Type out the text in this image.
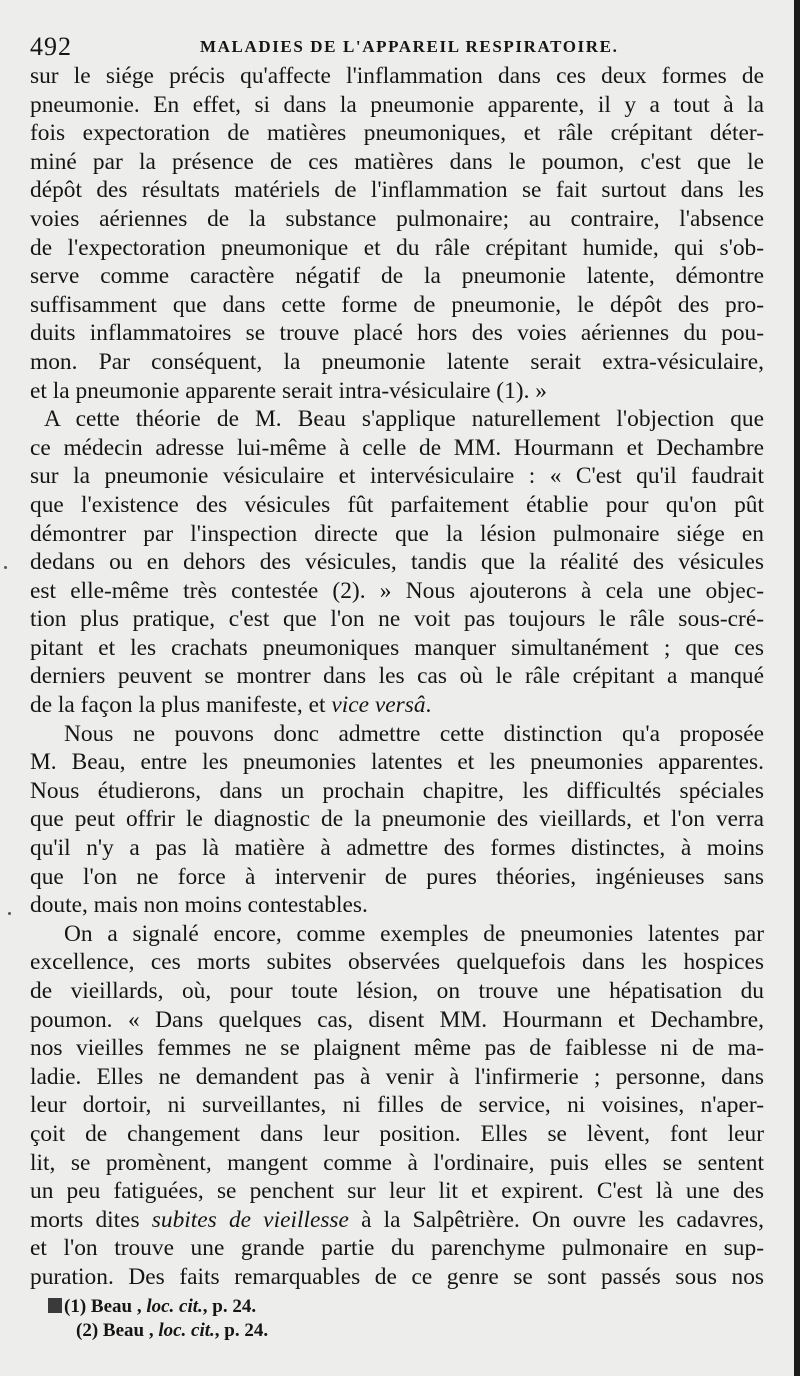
492	MALADIES DE L'APPAREIL RESPIRATOIRE.
sur le siége précis qu'affecte l'inflammation dans ces deux formes de
pneumonie. En effet, si dans la pneumonie apparente, il y a tout à la
fois expectoration de matières pneumoniques, et râle crépitant déter-
miné par la présence de ces matières dans le poumon, c'est que le
dépôt des résultats matériels de l'inflammation se fait surtout dans les
voies aériennes de la substance pulmonaire; au contraire, l'absence
de l'expectoration pneumonique et du râle crépitant humide, qui s'ob-
serve comme caractère négatif de la pneumonie latente, démontre
suffisamment que dans cette forme de pneumonie, le dépôt des pro-
duits inflammatoires se trouve placé hors des voies aériennes du pou-
mon. Par conséquent, la pneumonie latente serait extra-vésiculaire,
et la pneumonie apparente serait intra-vésiculaire (1). »
A cette théorie de M. Beau s'applique naturellement l'objection que
ce médecin adresse lui-même à celle de MM. Hourmann et Dechambre
sur la pneumonie vésiculaire et intervésiculaire : « C'est qu'il faudrait
que l'existence des vésicules fût parfaitement établie pour qu'on pût
démontrer par l'inspection directe que la lésion pulmonaire siége en
dedans ou en dehors des vésicules, tandis que la réalité des vésicules
est elle-même très contestée (2). » Nous ajouterons à cela une objec-
tion plus pratique, c'est que l'on ne voit pas toujours le râle sous-cré-
pitant et les crachats pneumoniques manquer simultanément ; que ces
derniers peuvent se montrer dans les cas où le râle crépitant a manqué
de la façon la plus manifeste, et vice versâ.
Nous ne pouvons donc admettre cette distinction qu'a proposée
M. Beau, entre les pneumonies latentes et les pneumonies apparentes.
Nous étudierons, dans un prochain chapitre, les difficultés spéciales
que peut offrir le diagnostic de la pneumonie des vieillards, et l'on verra
qu'il n'y a pas là matière à admettre des formes distinctes, à moins
que l'on ne force à intervenir de pures théories, ingénieuses sans
doute, mais non moins contestables.
On a signalé encore, comme exemples de pneumonies latentes par
excellence, ces morts subites observées quelquefois dans les hospices
de vieillards, où, pour toute lésion, on trouve une hépatisation du
poumon. « Dans quelques cas, disent MM. Hourmann et Dechambre,
nos vieilles femmes ne se plaignent même pas de faiblesse ni de ma-
ladie. Elles ne demandent pas à venir à l'infirmerie ; personne, dans
leur dortoir, ni surveillantes, ni filles de service, ni voisines, n'aper-
çoit de changement dans leur position. Elles se lèvent, font leur
lit, se promènent, mangent comme à l'ordinaire, puis elles se sentent
un peu fatiguées, se penchent sur leur lit et expirent. C'est là une des
morts dites subites de vieillesse à la Salpêtrière. On ouvre les cadavres,
et l'on trouve une grande partie du parenchyme pulmonaire en sup-
puration. Des faits remarquables de ce genre se sont passés sous nos
(1) Beau , loc. cit., p. 24.
(2) Beau , loc. cit., p. 24.
